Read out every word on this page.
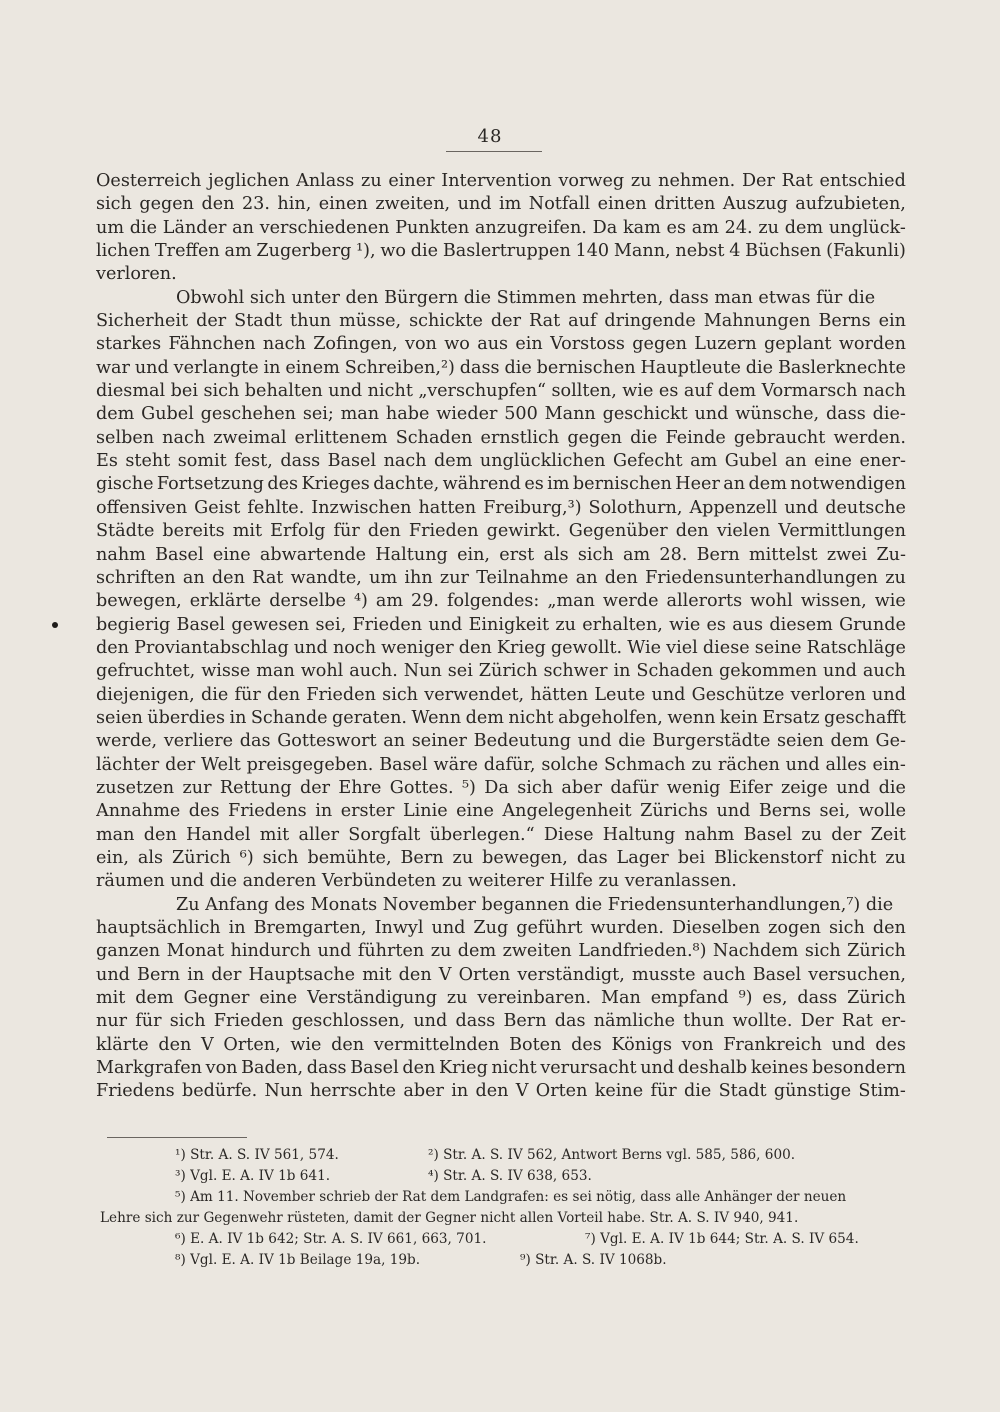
48
Oesterreich jeglichen Anlass zu einer Intervention vorweg zu nehmen. Der Rat entschied
sich gegen den 23. hin, einen zweiten, und im Notfall einen dritten Auszug aufzubieten,
um die Länder an verschiedenen Punkten anzugreifen. Da kam es am 24. zu dem unglück-
lichen Treffen am Zugerberg ¹), wo die Baslertruppen 140 Mann, nebst 4 Büchsen (Fakunli)
verloren.
Obwohl sich unter den Bürgern die Stimmen mehrten, dass man etwas für die
Sicherheit der Stadt thun müsse, schickte der Rat auf dringende Mahnungen Berns ein
starkes Fähnchen nach Zofingen, von wo aus ein Vorstoss gegen Luzern geplant worden
war und verlangte in einem Schreiben,²) dass die bernischen Hauptleute die Baslerknechte
diesmal bei sich behalten und nicht „verschupfen“ sollten, wie es auf dem Vormarsch nach
dem Gubel geschehen sei; man habe wieder 500 Mann geschickt und wünsche, dass die-
selben nach zweimal erlittenem Schaden ernstlich gegen die Feinde gebraucht werden.
Es steht somit fest, dass Basel nach dem unglücklichen Gefecht am Gubel an eine ener-
gische Fortsetzung des Krieges dachte, während es im bernischen Heer an dem notwendigen
offensiven Geist fehlte. Inzwischen hatten Freiburg,³) Solothurn, Appenzell und deutsche
Städte bereits mit Erfolg für den Frieden gewirkt. Gegenüber den vielen Vermittlungen
nahm Basel eine abwartende Haltung ein, erst als sich am 28. Bern mittelst zwei Zu-
schriften an den Rat wandte, um ihn zur Teilnahme an den Friedensunterhandlungen zu
bewegen, erklärte derselbe ⁴) am 29. folgendes: „man werde allerorts wohl wissen, wie
begierig Basel gewesen sei, Frieden und Einigkeit zu erhalten, wie es aus diesem Grunde
den Proviantabschlag und noch weniger den Krieg gewollt. Wie viel diese seine Ratschläge
gefruchtet, wisse man wohl auch. Nun sei Zürich schwer in Schaden gekommen und auch
diejenigen, die für den Frieden sich verwendet, hätten Leute und Geschütze verloren und
seien überdies in Schande geraten. Wenn dem nicht abgeholfen, wenn kein Ersatz geschafft
werde, verliere das Gotteswort an seiner Bedeutung und die Burgerstädte seien dem Ge-
lächter der Welt preisgegeben. Basel wäre dafür, solche Schmach zu rächen und alles ein-
zusetzen zur Rettung der Ehre Gottes. ⁵) Da sich aber dafür wenig Eifer zeige und die
Annahme des Friedens in erster Linie eine Angelegenheit Zürichs und Berns sei, wolle
man den Handel mit aller Sorgfalt überlegen.“ Diese Haltung nahm Basel zu der Zeit
ein, als Zürich ⁶) sich bemühte, Bern zu bewegen, das Lager bei Blickenstorf nicht zu
räumen und die anderen Verbündeten zu weiterer Hilfe zu veranlassen.
Zu Anfang des Monats November begannen die Friedensunterhandlungen,⁷) die
hauptsächlich in Bremgarten, Inwyl und Zug geführt wurden. Dieselben zogen sich den
ganzen Monat hindurch und führten zu dem zweiten Landfrieden.⁸) Nachdem sich Zürich
und Bern in der Hauptsache mit den V Orten verständigt, musste auch Basel versuchen,
mit dem Gegner eine Verständigung zu vereinbaren. Man empfand ⁹) es, dass Zürich
nur für sich Frieden geschlossen, und dass Bern das nämliche thun wollte. Der Rat er-
klärte den V Orten, wie den vermittelnden Boten des Königs von Frankreich und des
Markgrafen von Baden, dass Basel den Krieg nicht verursacht und deshalb keines besondern
Friedens bedürfe. Nun herrschte aber in den V Orten keine für die Stadt günstige Stim-
¹) Str. A. S. IV 561, 574.	²) Str. A. S. IV 562, Antwort Berns vgl. 585, 586, 600.
³) Vgl. E. A. IV 1b 641.	⁴) Str. A. S. IV 638, 653.
⁵) Am 11. November schrieb der Rat dem Landgrafen: es sei nötig, dass alle Anhänger der neuen
Lehre sich zur Gegenwehr rüsteten, damit der Gegner nicht allen Vorteil habe. Str. A. S. IV 940, 941.
⁶) E. A. IV 1b 642; Str. A. S. IV 661, 663, 701.	⁷) Vgl. E. A. IV 1b 644; Str. A. S. IV 654.
⁸) Vgl. E. A. IV 1b Beilage 19a, 19b.	⁹) Str. A. S. IV 1068b.
